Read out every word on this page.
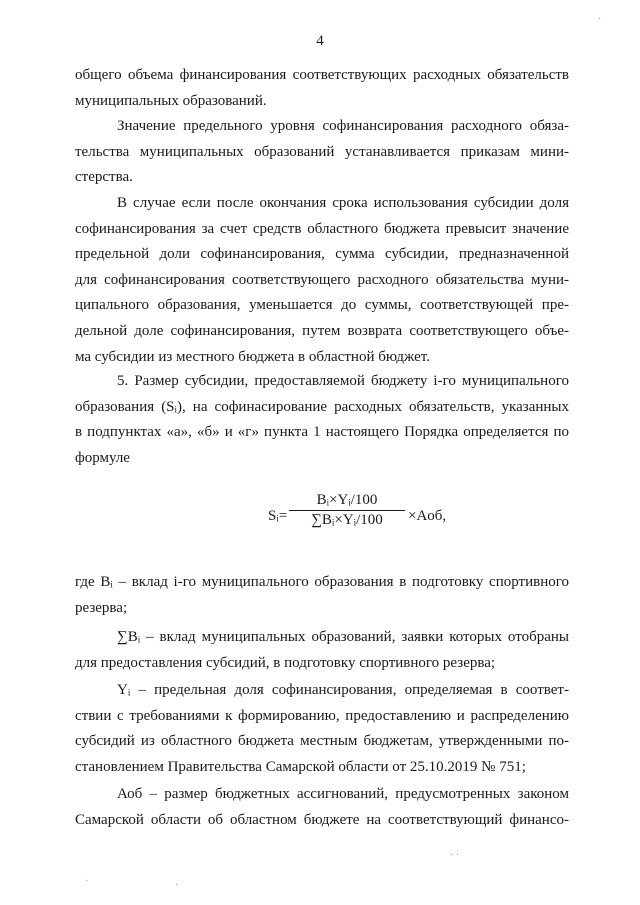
4

общего объема финансирования соответствующих расходных обязательств
муниципальных образований.

Значение предельного уровня софинансирования расходного обяза-
тельства муниципальных образований устанавливается приказам мини-
стерства.

В случае если после окончания срока использования субсидии доля
софинансирования за счет средств областного бюджета превысит значение
предельной доли софинансирования, сумма субсидии, предназначенной
для софинансирования соответствующего расходного обязательства муни-
ципального образования, уменьшается до суммы, соответствующей пре-
дельной доле софинансирования, путем возврата соответствующего объе-
ма субсидии из местного бюджета в областной бюджет.

5. Размер субсидии, предоставляемой бюджету i-го муниципального
образования (Sᵢ), на софинасирование расходных обязательств, указанных
в подпунктах «а», «б» и «г» пункта 1 настоящего Порядка определяется по
формуле

Sᵢ= $\frac{\text{Bᵢ×Yᵢ/100}}{\text{∑Bᵢ×Yᵢ/100}} \times Aоб$,

где Bᵢ – вклад i-го муниципального образования в подготовку спортивного
резерва;

∑Bᵢ – вклад муниципальных образований, заявки которых отобраны
для предоставления субсидий, в подготовку спортивного резерва;

Yᵢ – предельная доля софинансирования, определяемая в соответ-
ствии с требованиями к формированию, предоставлению и распределению
субсидий из областного бюджета местным бюджетам, утвержденными по-
становлением Правительства Самарской области от 25.10.2019 № 751;

Аоб – размер бюджетных ассигнований, предусмотренных законом
Самарской области об областном бюджете на соответствующий финансо-

·
· ·
·
·
